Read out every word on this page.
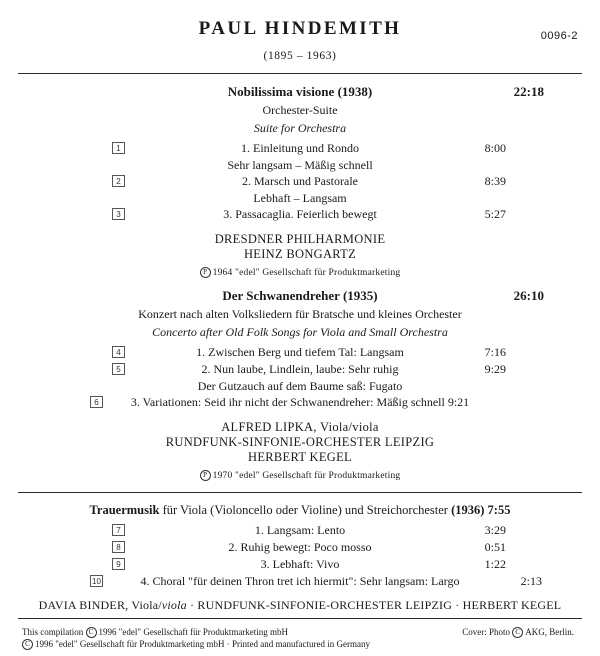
0096-2
PAUL HINDEMITH
(1895 – 1963)
Nobilissima visione (1938)	22:18
Orchester-Suite
Suite for Orchestra
1	1. Einleitung und Rondo	8:00
Sehr langsam – Mäßig schnell
2	2. Marsch und Pastorale	8:39
Lebhaft – Langsam
3	3. Passacaglia. Feierlich bewegt	5:27
DRESDNER PHILHARMONIE
HEINZ BONGARTZ
P 1964 "edel" Gesellschaft für Produktmarketing
Der Schwanendreher (1935)	26:10
Konzert nach alten Volksliedern für Bratsche und kleines Orchester
Concerto after Old Folk Songs for Viola and Small Orchestra
4	1. Zwischen Berg und tiefem Tal: Langsam	7:16
5	2. Nun laube, Lindlein, laube: Sehr ruhig	9:29
Der Gutzauch auf dem Baume saß: Fugato
6	3. Variationen: Seid ihr nicht der Schwanendreher: Mäßig schnell 9:21
ALFRED LIPKA, Viola/viola
RUNDFUNK-SINFONIE-ORCHESTER LEIPZIG
HERBERT KEGEL
P 1970 "edel" Gesellschaft für Produktmarketing
Trauermusik für Viola (Violoncello oder Violine) und Streichorchester (1936) 7:55
7	1. Langsam: Lento	3:29
8	2. Ruhig bewegt: Poco mosso	0:51
9	3. Lebhaft: Vivo	1:22
10	4. Choral "für deinen Thron tret ich hiermit": Sehr langsam: Largo	2:13
DAVIA BINDER, Viola/viola · RUNDFUNK-SINFONIE-ORCHESTER LEIPZIG · HERBERT KEGEL
Cover: Photo C AKG, Berlin.
This compilation C 1996 "edel" Gesellschaft für Produktmarketing mbH
C 1996 "edel" Gesellschaft für Produktmarketing mbH · Printed and manufactured in Germany
